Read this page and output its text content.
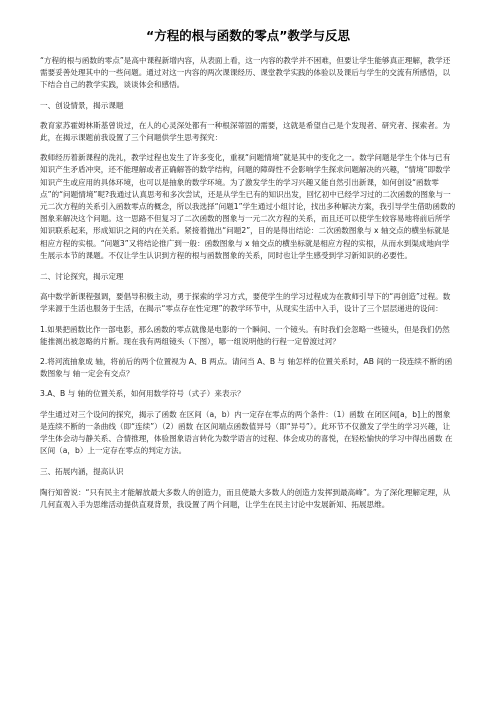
“方程的根与函数的零点”教学与反思

“方程的根与函数的零点”是高中课程新增内容，从表面上看，这一内容的教学并不困难，但要让学生能够真正理解，教学还需要妥善处理其中的一些问题。通过对这一内容的两次课课经历、课堂教学实践的体验以及课后与学生的交流有所感悟，以下结合自己的教学实践，谈谈体会和感悟。

一、创设情景，揭示课题

教育家苏霍姆林斯基曾说过，在人的心灵深处都有一种根深蒂固的需要，这就是希望自己是个发现者、研究者、探索者。为此，在揭示课题前我设置了三个问题供学生思考探究：

教师经历着新课程的洗礼，教学过程也发生了许多变化，重视“问题情境”就是其中的变化之一。数学问题是学生个体与已有知识产生矛盾冲突，还不能理解或者正确解答的数学结构，问题的障碍性不会影响学生探求问题解决的兴趣，“情境”即数学知识产生或应用的具体环境，也可以是抽象的数学环境。为了激发学生的学习兴趣又能自然引出新课，如何创设“函数零点”的“问题情境”呢?我通过认真思考和多次尝试，还是从学生已有的知识出发，回忆初中已经学习过的二次函数的图象与一元二次方程的关系引入函数零点的概念，所以我选择“问题1”学生通过小组讨论，找出多种解决方案，我引导学生借助函数的图象来解决这个问题。这一思路不但复习了二次函数的图象与一元二次方程的关系，而且还可以使学生较容易地将前后所学知识联系起来，形成知识之间的内在关系。紧接着抛出“问题2”，目的是得出结论：二次函数图象与 x 轴交点的横坐标就是相应方程的实根。“问题3”又将结论推广到一般：函数图象与 x 轴交点的横坐标就是相应方程的实根，从而水到渠成地向学生展示本节的课题。不仅让学生认识到方程的根与函数图象的关系，同时也让学生感受到学习新知识的必要性。

二、讨论探究，揭示定理

高中数学新课程强调，要倡导积极主动，勇于探索的学习方式，要使学生的学习过程成为在教师引导下的“再创造”过程。数学来源于生活也服务于生活，在揭示“零点存在性定理”的教学环节中，从现实生活中入手，设计了三个层层递进的设问：

1.如果把函数比作一部电影，那么函数的零点就像是电影的一个瞬间、一个镜头。有时我们会忽略一些镜头，但是我们仍然能推测出被忽略的片断。现在我有两组镜头（下图），哪一组说明他的行程一定曾渡过河？

2.将河流抽象成 轴，将前后的两个位置视为 A、B 两点。请问当 A、B 与 轴怎样的位置关系时，AB 间的一段连续不断的函数图象与 轴一定会有交点？

3.A、B 与 轴的位置关系，如何用数学符号（式子）来表示？

学生通过对三个设问的探究，揭示了函数 在区间（a，b）内一定存在零点的两个条件：（1）函数 在闭区间[a，b]上的图象是连续不断的一条曲线（即“连续”）（2）函数 在区间端点函数值异号（即“异号”）。此环节不仅激发了学生的学习兴趣，让学生体会动与静关系、合情推理，体验图象语言转化为数学语言的过程、体会成功的喜悦，在轻松愉快的学习中得出函数 在区间（a，b）上一定存在零点的判定方法。

三、拓展内涵，提高认识

陶行知曾说：“只有民主才能解放最大多数人的创造力，而且使最大多数人的创造力发挥到最高峰”。为了深化理解定理，从几何直观入手为思维活动提供直观背景，我设置了两个问题，让学生在民主讨论中发展新知、拓展思维。
